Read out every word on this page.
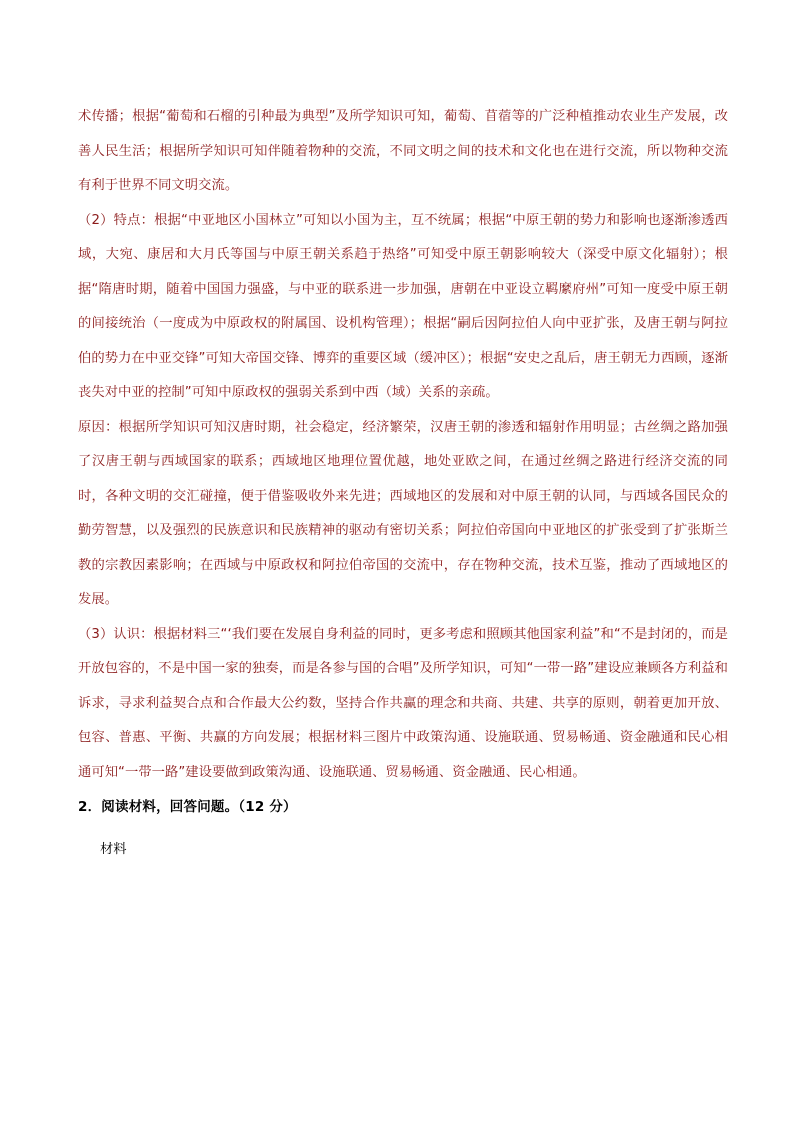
术传播；根据“葡萄和石榴的引种最为典型”及所学知识可知，葡萄、苜蓿等的广泛种植推动农业生产发展，改善人民生活；根据所学知识可知伴随着物种的交流，不同文明之间的技术和文化也在进行交流，所以物种交流有利于世界不同文明交流。

（2）特点：根据“中亚地区小国林立”可知以小国为主，互不统属；根据“中原王朝的势力和影响也逐渐渗透西域，大宛、康居和大月氏等国与中原王朝关系趋于热络”可知受中原王朝影响较大（深受中原文化辐射）；根据“隋唐时期，随着中国国力强盛，与中亚的联系进一步加强，唐朝在中亚设立羁縻府州”可知一度受中原王朝的间接统治（一度成为中原政权的附属国、设机构管理）；根据“嗣后因阿拉伯人向中亚扩张，及唐王朝与阿拉伯的势力在中亚交锋”可知大帝国交锋、博弈的重要区域（缓冲区）；根据“安史之乱后，唐王朝无力西顾，逐渐丧失对中亚的控制”可知中原政权的强弱关系到中西（域）关系的亲疏。

原因：根据所学知识可知汉唐时期，社会稳定，经济繁荣，汉唐王朝的渗透和辐射作用明显；古丝绸之路加强了汉唐王朝与西域国家的联系；西域地区地理位置优越，地处亚欧之间，在通过丝绸之路进行经济交流的同时，各种文明的交汇碰撞，便于借鉴吸收外来先进；西域地区的发展和对中原王朝的认同，与西域各国民众的勤劳智慧，以及强烈的民族意识和民族精神的驱动有密切关系；阿拉伯帝国向中亚地区的扩张受到了扩张斯兰教的宗教因素影响；在西域与中原政权和阿拉伯帝国的交流中，存在物种交流，技术互鉴，推动了西域地区的发展。

（3）认识：根据材料三“‘我们要在发展自身利益的同时，更多考虑和照顾其他国家利益”和“不是封闭的，而是开放包容的，不是中国一家的独奏，而是各参与国的合唱”及所学知识，可知“一带一路”建设应兼顾各方利益和诉求，寻求利益契合点和合作最大公约数，坚持合作共赢的理念和共商、共建、共享的原则，朝着更加开放、包容、普惠、平衡、共赢的方向发展；根据材料三图片中政策沟通、设施联通、贸易畅通、资金融通和民心相通可知“一带一路”建设要做到政策沟通、设施联通、贸易畅通、资金融通、民心相通。

2．阅读材料，回答问题。（12 分）

材料
